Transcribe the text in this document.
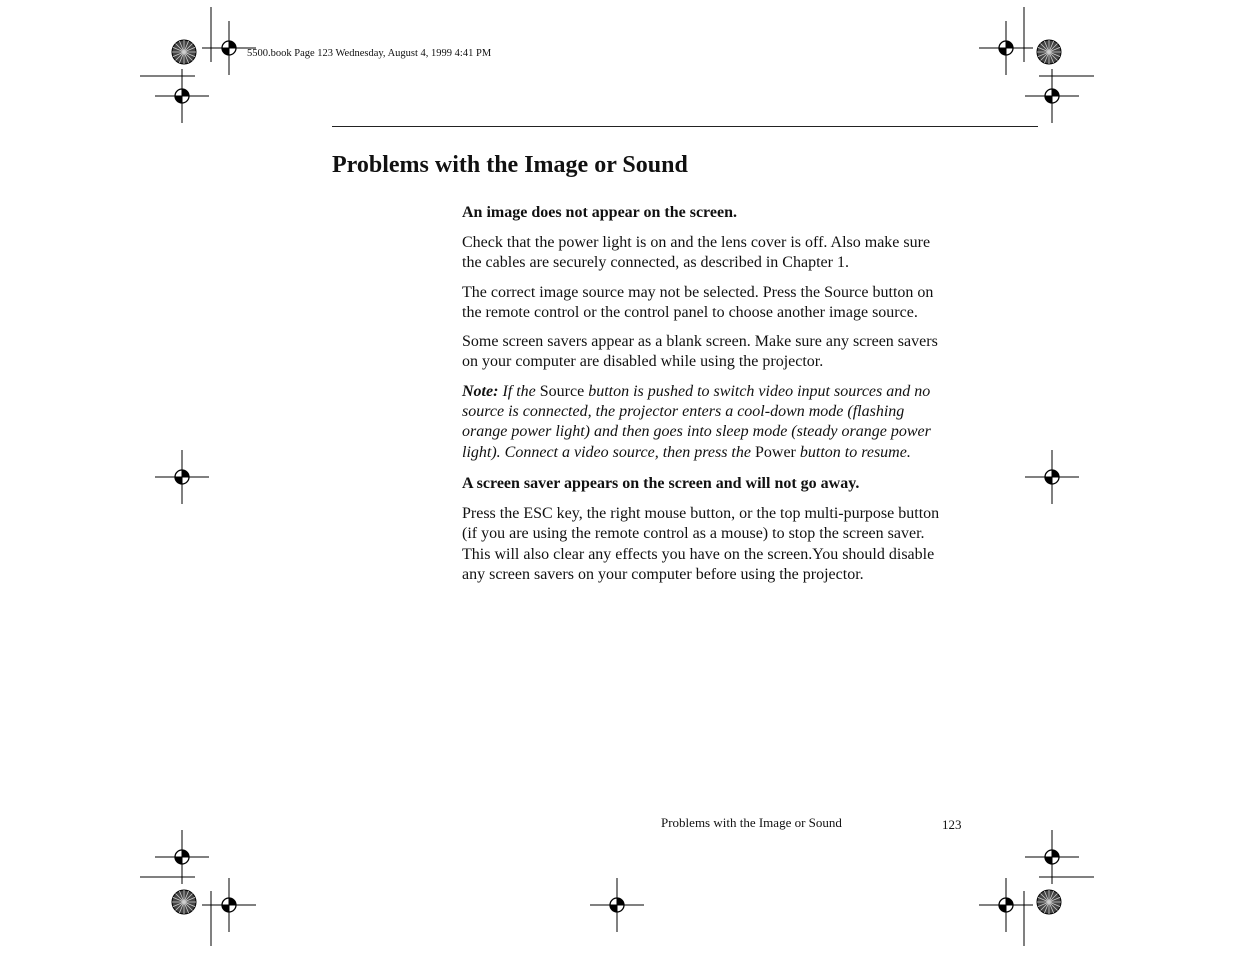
5500.book Page 123 Wednesday, August 4, 1999 4:41 PM
Problems with the Image or Sound
An image does not appear on the screen.

Check that the power light is on and the lens cover is off. Also make sure the cables are securely connected, as described in Chapter 1.

The correct image source may not be selected. Press the Source button on the remote control or the control panel to choose another image source.

Some screen savers appear as a blank screen. Make sure any screen savers on your computer are disabled while using the projector.

Note: If the Source button is pushed to switch video input sources and no source is connected, the projector enters a cool-down mode (flashing orange power light) and then goes into sleep mode (steady orange power light). Connect a video source, then press the Power button to resume.

A screen saver appears on the screen and will not go away.

Press the ESC key, the right mouse button, or the top multi-purpose button (if you are using the remote control as a mouse) to stop the screen saver. This will also clear any effects you have on the screen.You should disable any screen savers on your computer before using the projector.

Problems with the Image or Sound	123
